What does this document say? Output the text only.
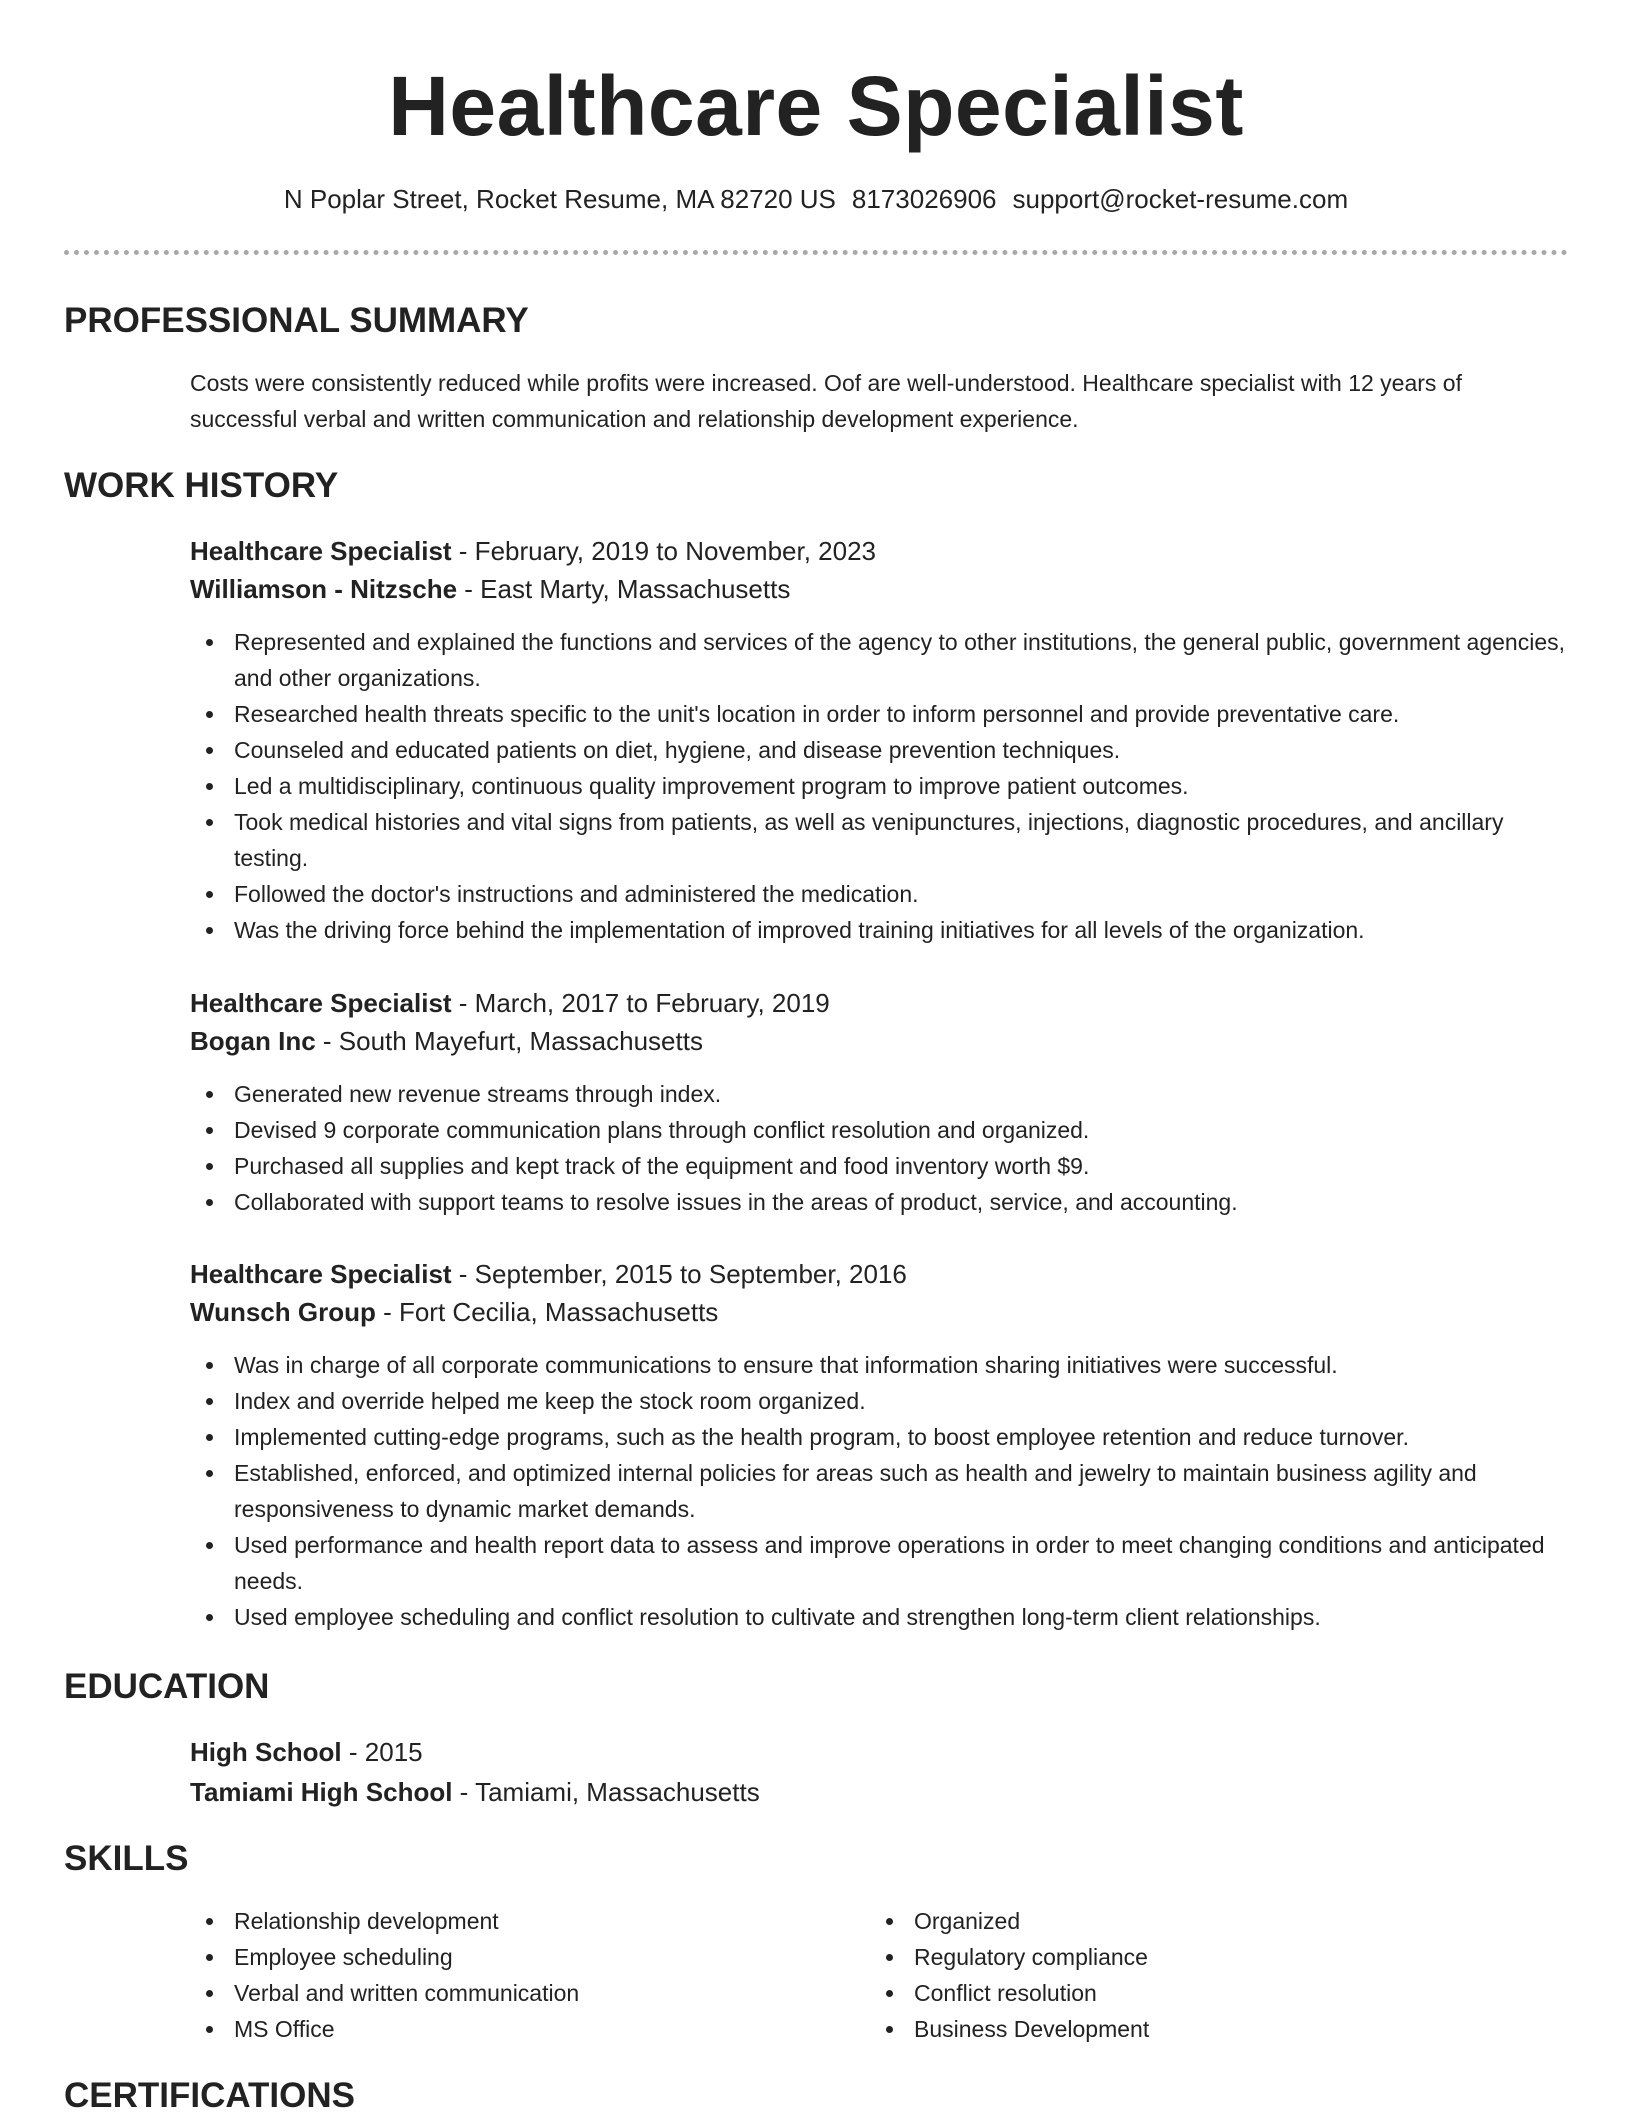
Healthcare Specialist
N Poplar Street, Rocket Resume, MA 82720 US 8173026906 support@rocket-resume.com
PROFESSIONAL SUMMARY
Costs were consistently reduced while profits were increased. Oof are well-understood. Healthcare specialist with 12 years of successful verbal and written communication and relationship development experience.
WORK HISTORY
Healthcare Specialist - February, 2019 to November, 2023
Williamson - Nitzsche - East Marty, Massachusetts
Represented and explained the functions and services of the agency to other institutions, the general public, government agencies, and other organizations.
Researched health threats specific to the unit's location in order to inform personnel and provide preventative care.
Counseled and educated patients on diet, hygiene, and disease prevention techniques.
Led a multidisciplinary, continuous quality improvement program to improve patient outcomes.
Took medical histories and vital signs from patients, as well as venipunctures, injections, diagnostic procedures, and ancillary testing.
Followed the doctor's instructions and administered the medication.
Was the driving force behind the implementation of improved training initiatives for all levels of the organization.
Healthcare Specialist - March, 2017 to February, 2019
Bogan Inc - South Mayefurt, Massachusetts
Generated new revenue streams through index.
Devised 9 corporate communication plans through conflict resolution and organized.
Purchased all supplies and kept track of the equipment and food inventory worth $9.
Collaborated with support teams to resolve issues in the areas of product, service, and accounting.
Healthcare Specialist - September, 2015 to September, 2016
Wunsch Group - Fort Cecilia, Massachusetts
Was in charge of all corporate communications to ensure that information sharing initiatives were successful.
Index and override helped me keep the stock room organized.
Implemented cutting-edge programs, such as the health program, to boost employee retention and reduce turnover.
Established, enforced, and optimized internal policies for areas such as health and jewelry to maintain business agility and responsiveness to dynamic market demands.
Used performance and health report data to assess and improve operations in order to meet changing conditions and anticipated needs.
Used employee scheduling and conflict resolution to cultivate and strengthen long-term client relationships.
EDUCATION
High School - 2015
Tamiami High School - Tamiami, Massachusetts
SKILLS
Relationship development
Employee scheduling
Verbal and written communication
MS Office
Organized
Regulatory compliance
Conflict resolution
Business Development
CERTIFICATIONS
